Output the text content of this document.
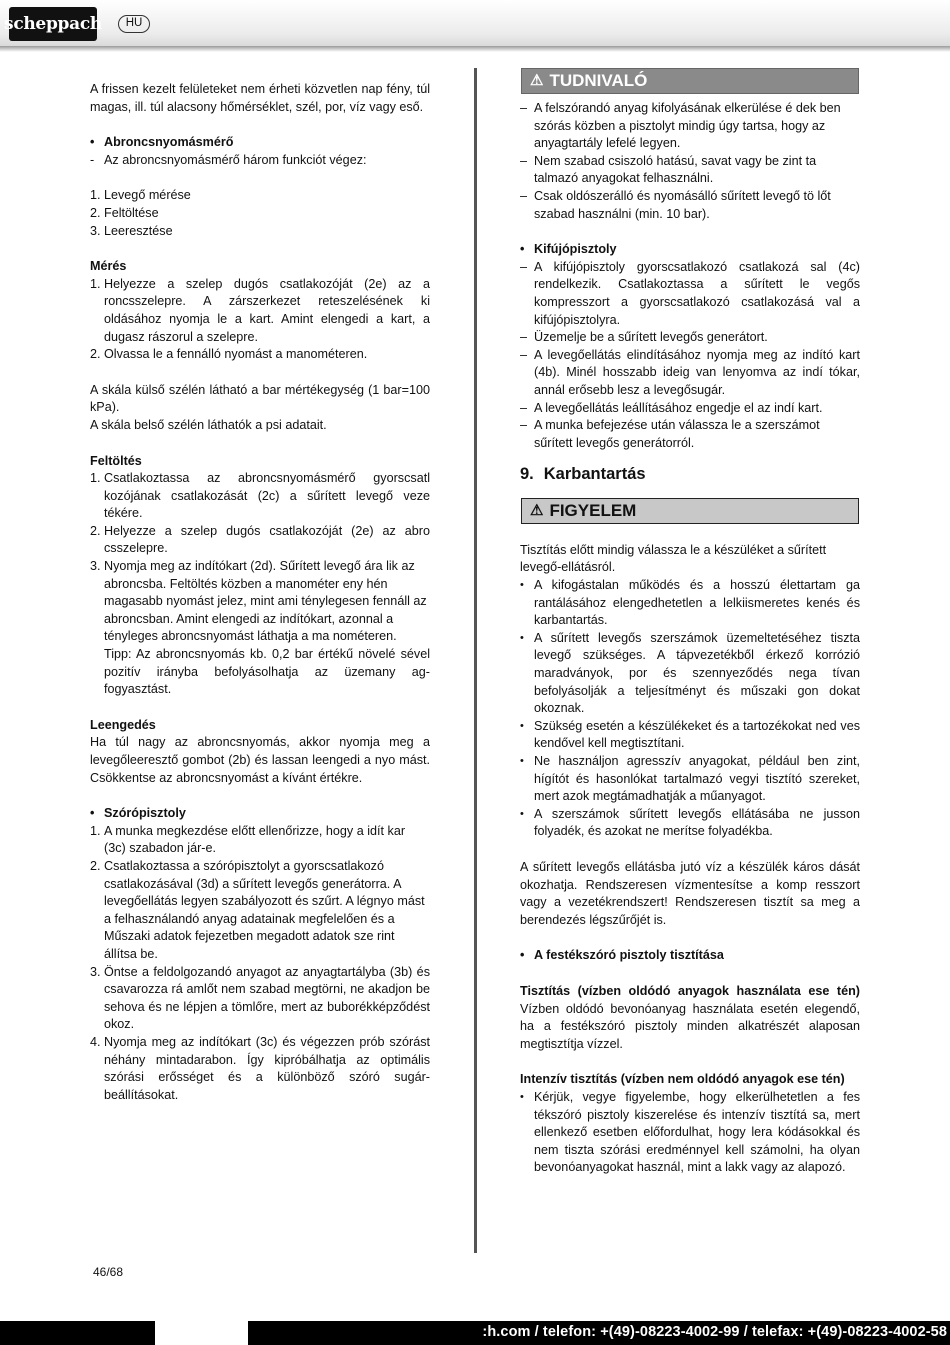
scheppach	HU

A frissen kezelt felületeket nem érheti közvetlen nap fény, túl magas, ill. túl alacsony hőmérséklet, szél, por, víz vagy eső.

• Abroncsnyomásmérő
- Az abroncsnyomásmérő három funkciót végez:

1. Levegő mérése

2. Feltöltése

3. Leeresztése

Mérés

1. Helyezze a szelep dugós csatlakozóját (2e) az a roncsszelepre. A zárszerkezet reteszelésének ki oldásához nyomja le a kart. Amint elengedi a kart, a dugasz rászorul a szelepre.
2. Olvassa le a fennálló nyomást a manométeren.

A skála külső szélén látható a bar mértékegység (1 bar=100 kPa).

A skála belső szélén láthatók a psi adatait.

Feltöltés

1. Csatlakoztassa az abroncsnyomásmérő gyorscsatl kozójának csatlakozását (2c) a sűrített levegő veze tékére.
2. Helyezze a szelep dugós csatlakozóját (2e) az abro csszelepre.
3. Nyomja meg az indítókart (2d). Sűrített levegő ára lik az abroncsba. Feltöltés közben a manométer eny hén magasabb nyomást jelez, mint ami ténylegesen fennáll az abroncsban. Amint elengedi az indítókart, azonnal a tényleges abroncsnyomást láthatja a ma nométeren.
Tipp: Az abroncsnyomás kb. 0,2 bar értékű növelé sével pozitív irányba befolyásolhatja az üzemany ag-fogyasztást.

Leengedés

Ha túl nagy az abroncsnyomás, akkor nyomja meg a levegőleeresztő gombot (2b) és lassan leengedi a nyo mást. Csökkentse az abroncsnyomást a kívánt értékre.

• Szórópisztoly
1. A munka megkezdése előtt ellenőrizze, hogy a idít kar (3c) szabadon jár-e.
2. Csatlakoztassa a szórópisztolyt a gyorscsatlakozó csatlakozásával (3d) a sűrített levegős generátorra. A levegőellátás legyen szabályozott és szűrt. A légnyo mást a felhasználandó anyag adatainak megfelelően és a Műszaki adatok fejezetben megadott adatok sze rint állítsa be.
3. Öntse a feldolgozandó anyagot az anyagtartályba (3b) és csavarozza rá amlőt nem szabad megtörni, ne akadjon be sehova és ne lépjen a tömlőre, mert az buborékképződést okoz.
4. Nyomja meg az indítókart (3c) és végezzen prób szórást néhány mintadarabon. Így kipróbálhatja az optimális szórási erősséget és a különböző szóró sugár-beállításokat.
⚠ TUDNIVALÓ
– A felszórandó anyag kifolyásának elkerülése é dek ben szórás közben a pisztolyt mindig úgy tartsa, hogy az anyagtartály lefelé legyen.
– Nem szabad csiszoló hatású, savat vagy be zint ta talmazó anyagokat felhasználni.
– Csak oldószerálló és nyomásálló sűrített levegő tö lőt szabad használni (min. 10 bar).
• Kifújópisztoly
– A kifújópisztoly gyorscsatlakozó csatlakozá sal (4c) rendelkezik. Csatlakoztassa a sűrített le vegős kompresszort a gyorscsatlakozó csatlakozásá val a kifújópisztolyra.
– Üzemelje be a sűrített levegős generátort.
– A levegőellátás elindításához nyomja meg az indító kart (4b). Minél hosszabb ideig van lenyomva az indí tókar, annál erősebb lesz a levegősugár.
– A levegőellátás leállításához engedje el az indí kart.
– A munka befejezése után válassza le a szerszámot sűrített levegős generátorról.
9. Karbantartás
⚠ FIGYELEM

Tisztítás előtt mindig válassza le a készüléket a sűrített levegő-ellátásról.

• A kifogástalan működés és a hosszú élettartam ga rantálásához elengedhetetlen a lelkiismeretes kenés és karbantartás.
• A sűrített levegős szerszámok üzemeltetéséhez tiszta levegő szükséges. A tápvezetékből érkező korrózió maradványok, por és szennyeződés nega tívan befolyásolják a teljesítményt és műszaki gon dokat okoznak.
• Szükség esetén a készülékeket és a tartozékokat ned ves kendővel kell megtisztítani.
• Ne használjon agresszív anyagokat, például ben zint, hígítót és hasonlókat tartalmazó vegyi tisztító szereket, mert azok megtámadhatják a műanyagot.
• A szerszámok sűrített levegős ellátásába ne jusson folyadék, és azokat ne merítse folyadékba.

A sűrített levegős ellátásba jutó víz a készülék káros dását okozhatja. Rendszeresen vízmentesítse a komp resszort vagy a vezetékrendszert! Rendszeresen tisztít sa meg a berendezés légszűrőjét is.

• A festékszóró pisztoly tisztítása

Tisztítás (vízben oldódó anyagok használata ese tén) Vízben oldódó bevonóanyag használata esetén elegendő, ha a festékszóró pisztoly minden alkatrészét alaposan megtisztítja vízzel.

Intenzív tisztítás (vízben nem oldódó anyagok ese tén)

• Kérjük, vegye figyelembe, hogy elkerülhetetlen a fes tékszóró pisztoly kiszerelése és intenzív tisztítá sa, mert ellenkező esetben előfordulhat, hogy lera kódásokkal és nem tiszta szórási eredménnyel kell számolni, ha olyan bevonóanyagokat használ, mint a lakk vagy az alapozó.
46/68
:h.com / telefon: +(49)-08223-4002-99 / telefax: +(49)-08223-4002-58
